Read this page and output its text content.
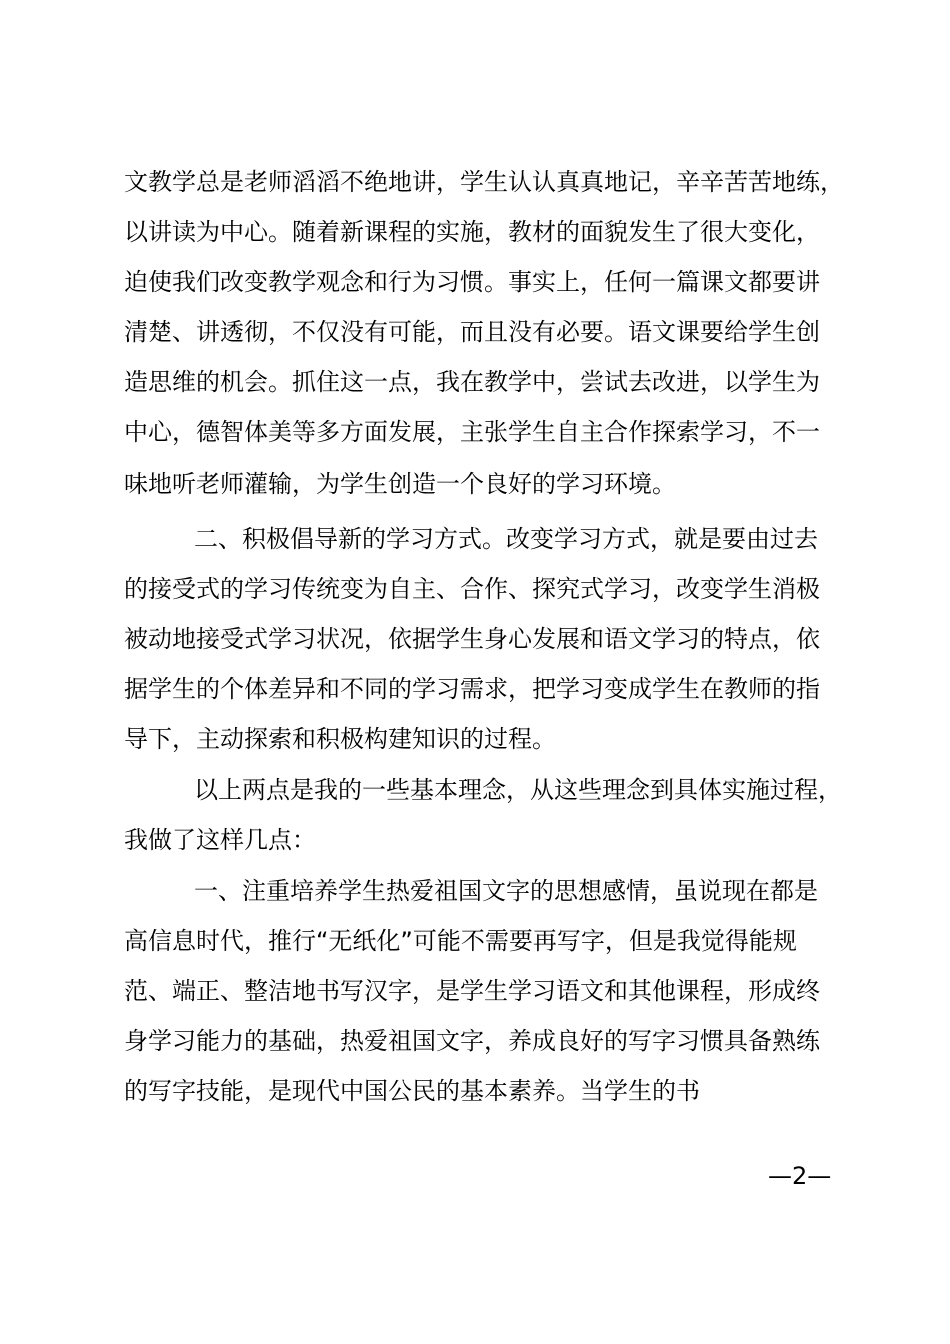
文教学总是老师滔滔不绝地讲，学生认认真真地记，辛辛苦苦地练，
以讲读为中心。随着新课程的实施，教材的面貌发生了很大变化，
迫使我们改变教学观念和行为习惯。事实上，任何一篇课文都要讲
清楚、讲透彻，不仅没有可能，而且没有必要。语文课要给学生创
造思维的机会。抓住这一点，我在教学中，尝试去改进，以学生为
中心，德智体美等多方面发展，主张学生自主合作探索学习，不一
味地听老师灌输，为学生创造一个良好的学习环境。
二、积极倡导新的学习方式。改变学习方式，就是要由过去
的接受式的学习传统变为自主、合作、探究式学习，改变学生消极
被动地接受式学习状况，依据学生身心发展和语文学习的特点，依
据学生的个体差异和不同的学习需求，把学习变成学生在教师的指
导下，主动探索和积极构建知识的过程。
以上两点是我的一些基本理念，从这些理念到具体实施过程，
我做了这样几点：
一、注重培养学生热爱祖国文字的思想感情，虽说现在都是
高信息时代，推行“无纸化”可能不需要再写字，但是我觉得能规
范、端正、整洁地书写汉字，是学生学习语文和其他课程，形成终
身学习能力的基础，热爱祖国文字，养成良好的写字习惯具备熟练
的写字技能，是现代中国公民的基本素养。当学生的书
—2—
